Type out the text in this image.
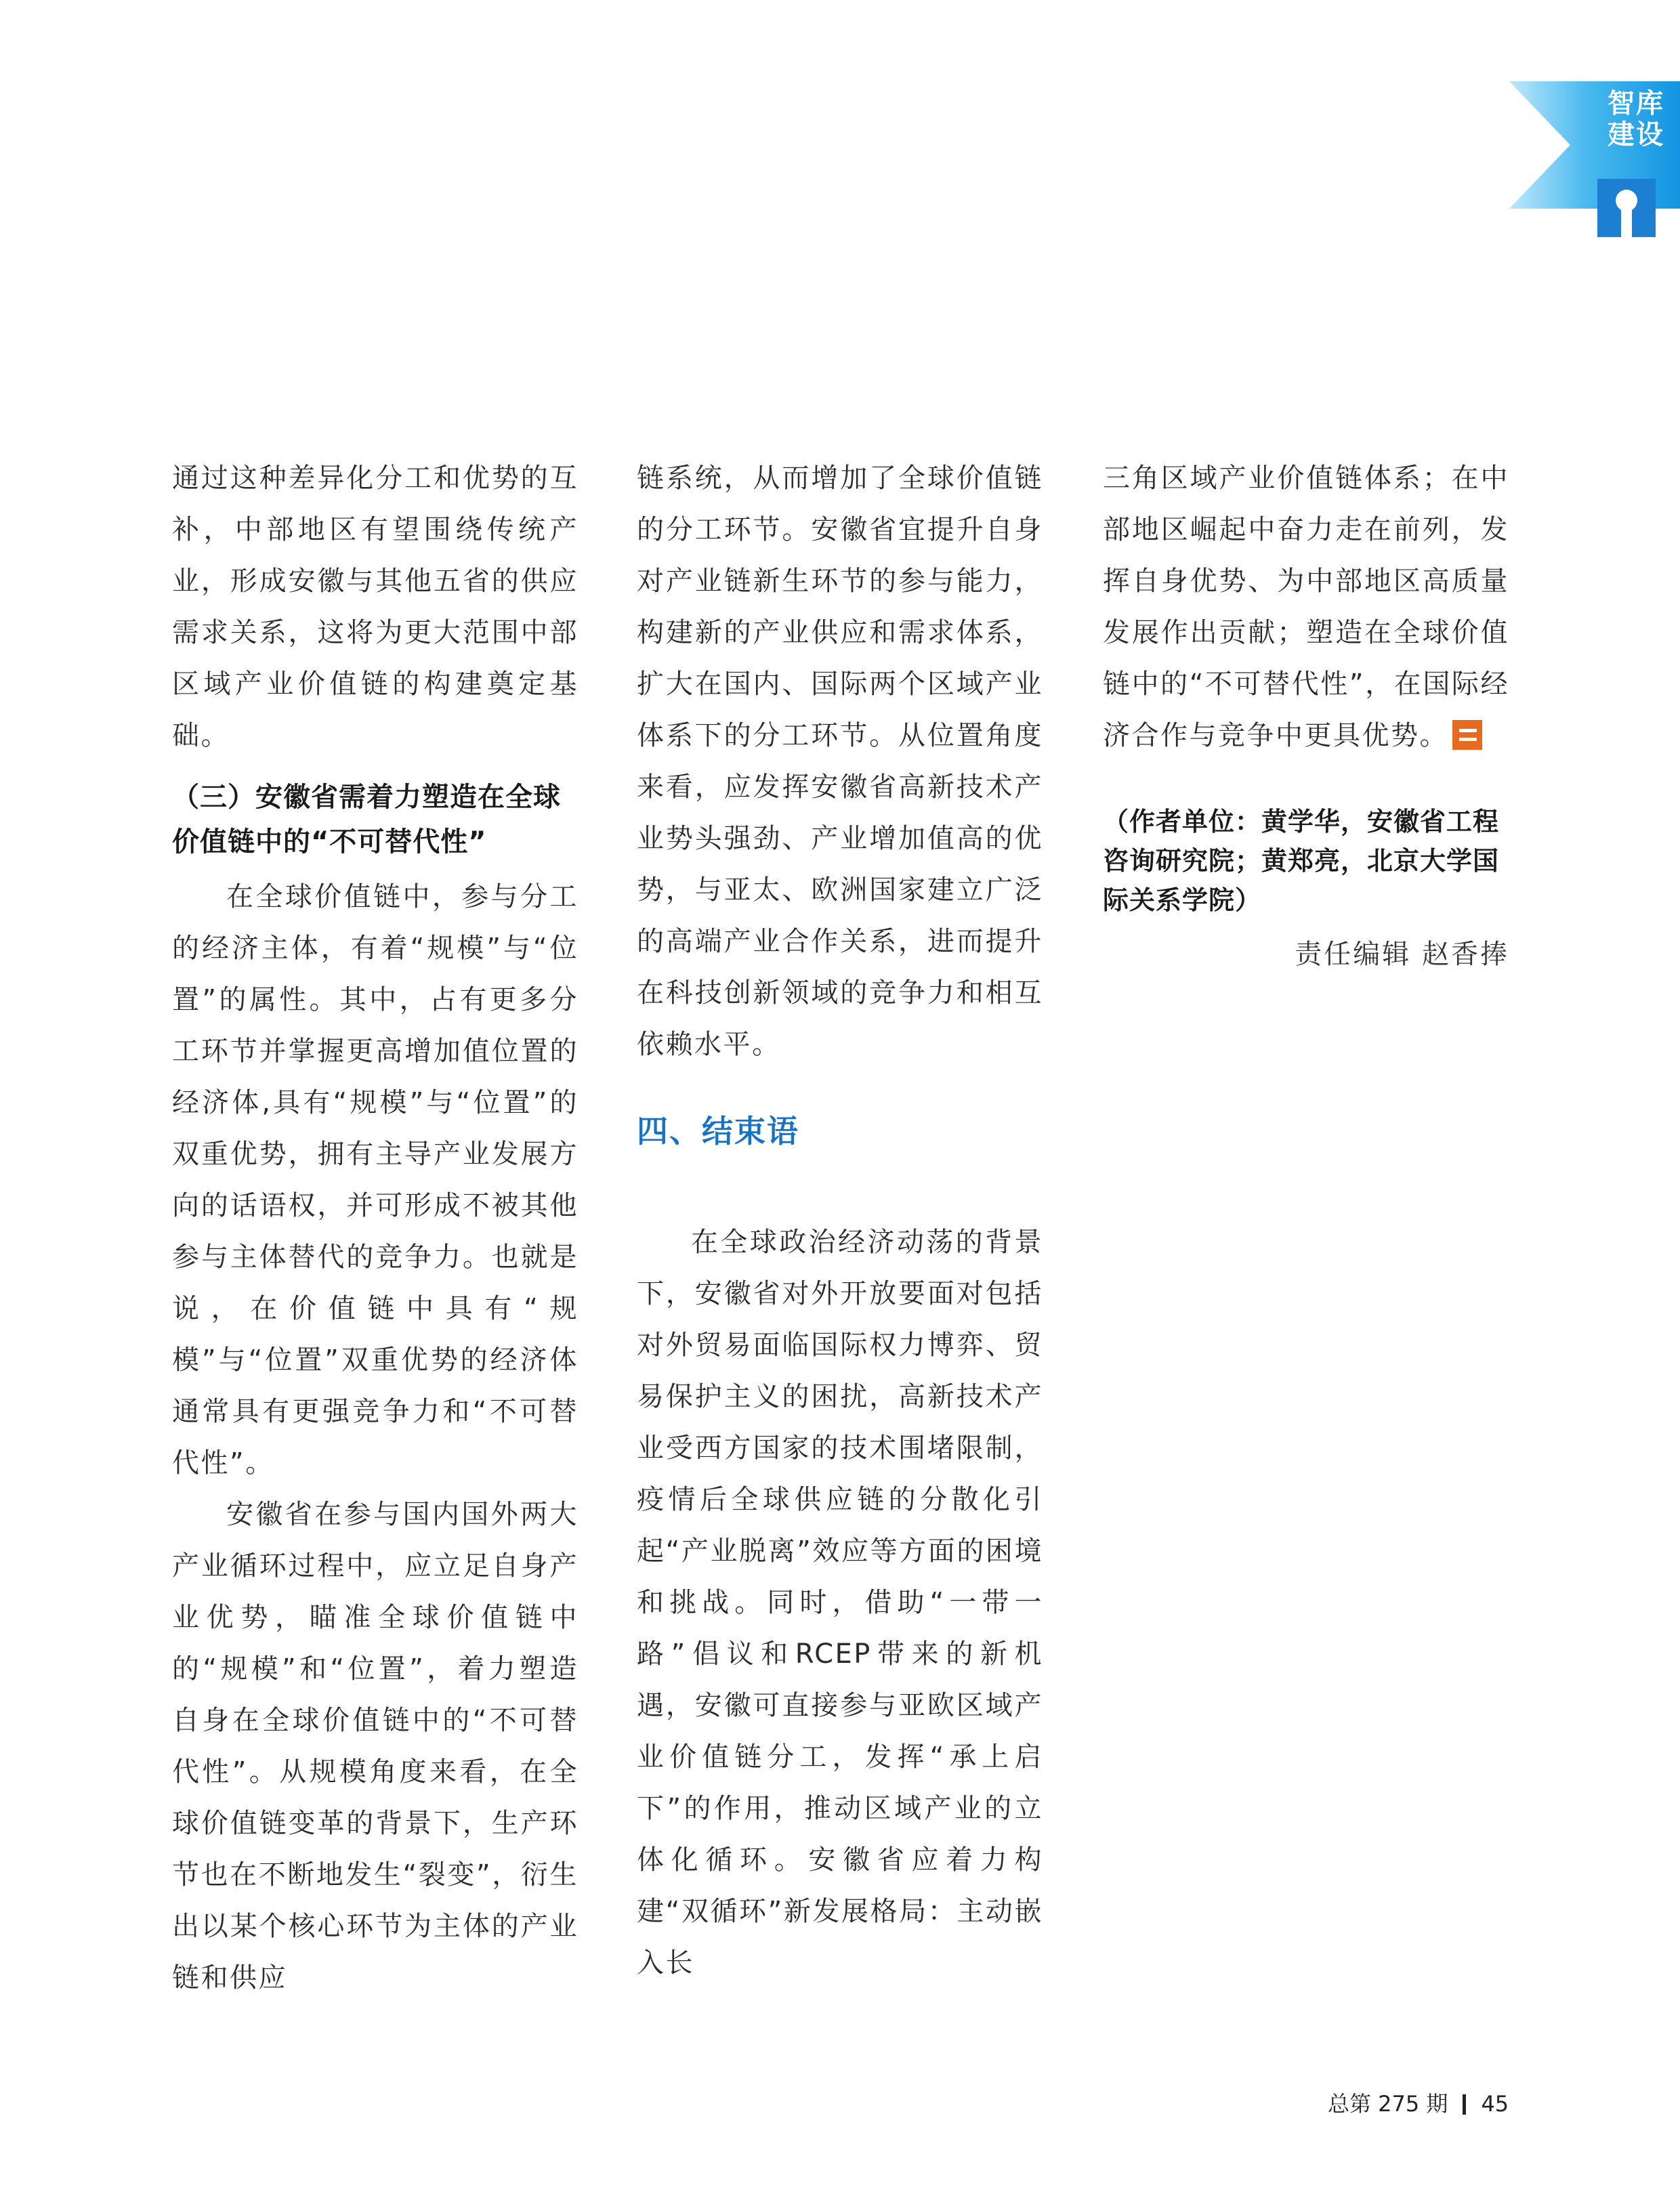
智库
建设

通过这种差异化分工和优势的互补，中部地区有望围绕传统产业，形成安徽与其他五省的供应需求关系，这将为更大范围中部区域产业价值链的构建奠定基础。

（三）安徽省需着力塑造在全球价值链中的“不可替代性”

在全球价值链中，参与分工的经济主体，有着“规模”与“位置”的属性。其中，占有更多分工环节并掌握更高增加值位置的经济体,具有“规模”与“位置”的双重优势，拥有主导产业发展方向的话语权，并可形成不被其他参与主体替代的竞争力。也就是说，在价值链中具有“规模”与“位置”双重优势的经济体通常具有更强竞争力和“不可替代性”。

安徽省在参与国内国外两大产业循环过程中，应立足自身产业优势，瞄准全球价值链中的“规模”和“位置”，着力塑造自身在全球价值链中的“不可替代性”。从规模角度来看，在全球价值链变革的背景下，生产环节也在不断地发生“裂变”，衍生出以某个核心环节为主体的产业链和供应

链系统，从而增加了全球价值链的分工环节。安徽省宜提升自身对产业链新生环节的参与能力，构建新的产业供应和需求体系，扩大在国内、国际两个区域产业体系下的分工环节。从位置角度来看，应发挥安徽省高新技术产业势头强劲、产业增加值高的优势，与亚太、欧洲国家建立广泛的高端产业合作关系，进而提升在科技创新领域的竞争力和相互依赖水平。

四、结束语

在全球政治经济动荡的背景下，安徽省对外开放要面对包括对外贸易面临国际权力博弈、贸易保护主义的困扰，高新技术产业受西方国家的技术围堵限制，疫情后全球供应链的分散化引起“产业脱离”效应等方面的困境和挑战。同时，借助“一带一路”倡议和RCEP带来的新机遇，安徽可直接参与亚欧区域产业价值链分工，发挥“承上启下”的作用，推动区域产业的立体化循环。安徽省应着力构建“双循环”新发展格局：主动嵌入长

三角区域产业价值链体系；在中部地区崛起中奋力走在前列，发挥自身优势、为中部地区高质量发展作出贡献；塑造在全球价值链中的“不可替代性”，在国际经济合作与竞争中更具优势。

（作者单位：黄学华，安徽省工程咨询研究院；黄郑亮，北京大学国际关系学院）
责任编辑 赵香捧
总第 275 期 45
